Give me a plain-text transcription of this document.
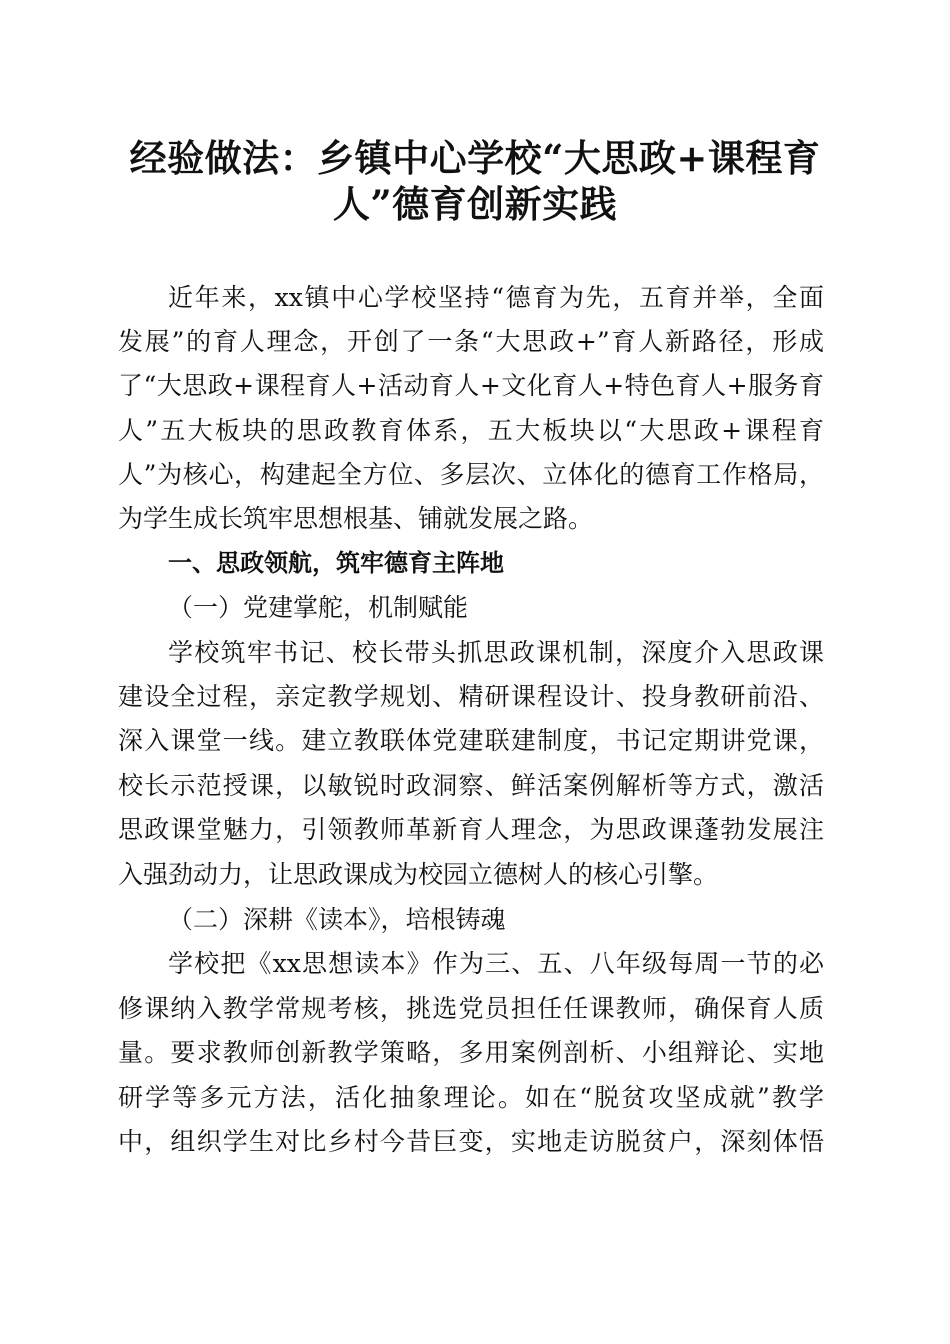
经验做法：乡镇中心学校“大思政+课程育
人”德育创新实践
近年来，xx镇中心学校坚持“德育为先，五育并举，全面
发展”的育人理念，开创了一条“大思政+”育人新路径，形成
了“大思政+课程育人+活动育人+文化育人+特色育人+服务育
人”五大板块的思政教育体系，五大板块以“大思政+课程育
人”为核心，构建起全方位、多层次、立体化的德育工作格局，
为学生成长筑牢思想根基、铺就发展之路。
一、思政领航，筑牢德育主阵地
（一）党建掌舵，机制赋能
学校筑牢书记、校长带头抓思政课机制，深度介入思政课
建设全过程，亲定教学规划、精研课程设计、投身教研前沿、
深入课堂一线。建立教联体党建联建制度，书记定期讲党课，
校长示范授课，以敏锐时政洞察、鲜活案例解析等方式，激活
思政课堂魅力，引领教师革新育人理念，为思政课蓬勃发展注
入强劲动力，让思政课成为校园立德树人的核心引擎。
（二）深耕《读本》，培根铸魂
学校把《xx思想读本》作为三、五、八年级每周一节的必
修课纳入教学常规考核，挑选党员担任任课教师，确保育人质
量。要求教师创新教学策略，多用案例剖析、小组辩论、实地
研学等多元方法，活化抽象理论。如在“脱贫攻坚成就”教学
中，组织学生对比乡村今昔巨变，实地走访脱贫户，深刻体悟
